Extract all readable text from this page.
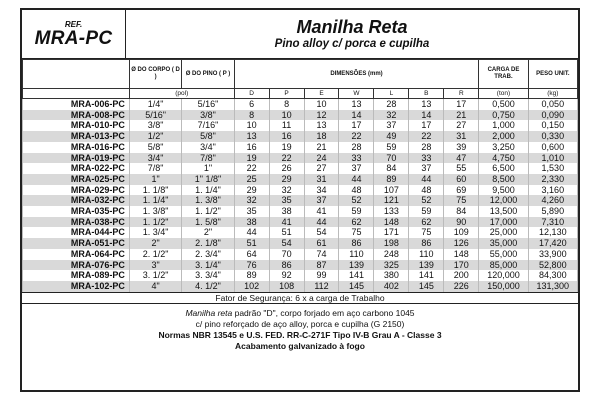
REF.
MRA-PC
Manilha Reta
Pino alloy c/ porca e cupilha
	Ø DO CORPO ( D )	Ø DO PINO ( P )	DIMENSÕES (mm)							CARGA DE TRAB.	PESO UNIT.
	(pol)		D	P	E	W	L	B	R	(ton)	(kg)
MRA-006-PC	1/4"	5/16"	6	8	10	13	28	13	17	0,500	0,050
MRA-008-PC	5/16"	3/8"	8	10	12	14	32	14	21	0,750	0,090
MRA-010-PC	3/8"	7/16"	10	11	13	17	37	17	27	1,000	0,150
MRA-013-PC	1/2"	5/8"	13	16	18	22	49	22	31	2,000	0,330
MRA-016-PC	5/8"	3/4"	16	19	21	28	59	28	39	3,250	0,600
MRA-019-PC	3/4"	7/8"	19	22	24	33	70	33	47	4,750	1,010
MRA-022-PC	7/8"	1"	22	26	27	37	84	37	55	6,500	1,530
MRA-025-PC	1"	1" 1/8"	25	29	31	44	89	44	60	8,500	2,330
MRA-029-PC	1. 1/8"	1. 1/4"	29	32	34	48	107	48	69	9,500	3,160
MRA-032-PC	1. 1/4"	1. 3/8"	32	35	37	52	121	52	75	12,000	4,260
MRA-035-PC	1. 3/8"	1. 1/2"	35	38	41	59	133	59	84	13,500	5,890
MRA-038-PC	1. 1/2"	1. 5/8"	38	41	44	62	148	62	90	17,000	7,310
MRA-044-PC	1. 3/4"	2"	44	51	54	75	171	75	109	25,000	12,130
MRA-051-PC	2"	2. 1/8"	51	54	61	86	198	86	126	35,000	17,420
MRA-064-PC	2. 1/2"	2. 3/4"	64	70	74	110	248	110	148	55,000	33,900
MRA-076-PC	3"	3. 1/4"	76	86	87	139	325	139	170	85,000	52,800
MRA-089-PC	3. 1/2"	3. 3/4"	89	92	99	141	380	141	200	120,000	84,300
MRA-102-PC	4"	4. 1/2"	102	108	112	145	402	145	226	150,000	131,300
Fator de Segurança: 6 x a carga de Trabalho
Manilha reta padrão "D", corpo forjado em aço carbono 1045
c/ pino reforçado de aço alloy, porca e cupilha (G 2150)
Normas NBR 13545 e U.S. FED. RR-C-271F Tipo IV-B Grau A - Classe 3
Acabamento galvanizado à fogo
